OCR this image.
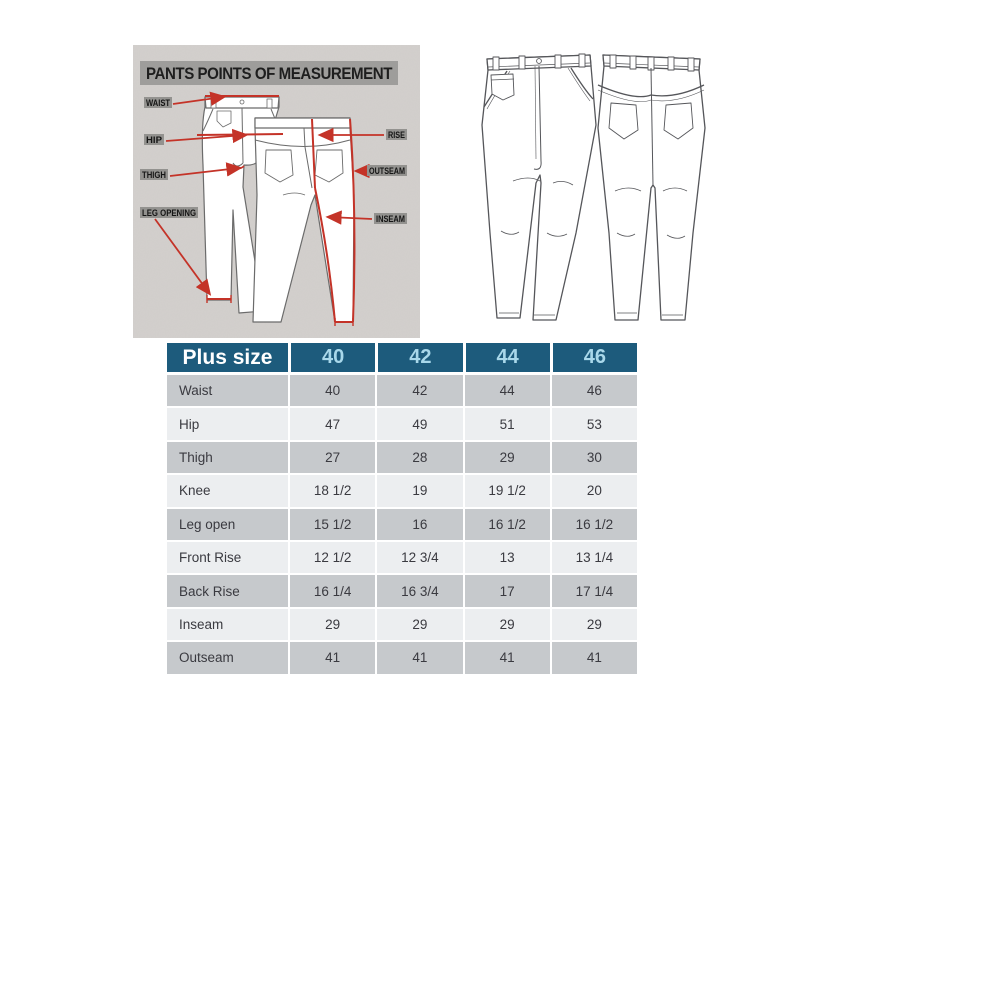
PANTS POINTS OF MEASUREMENT
WAIST
HIP
THIGH
LEG OPENING
RISE
OUTSEAM
INSEAM
Plus size 40	42	44	46
Waist	40	42	44	46
Hip	47	49	51	53
Thigh	27	28	29	30
Knee	18 1/2	19	19 1/2	20
Leg open	15 1/2	16	16 1/2	16 1/2
Front Rise	12 1/2	12 3/4	13	13 1/4
Back Rise	16 1/4	16 3/4	17	17 1/4
Inseam	29	29	29	29
Outseam	41	41	41	41
